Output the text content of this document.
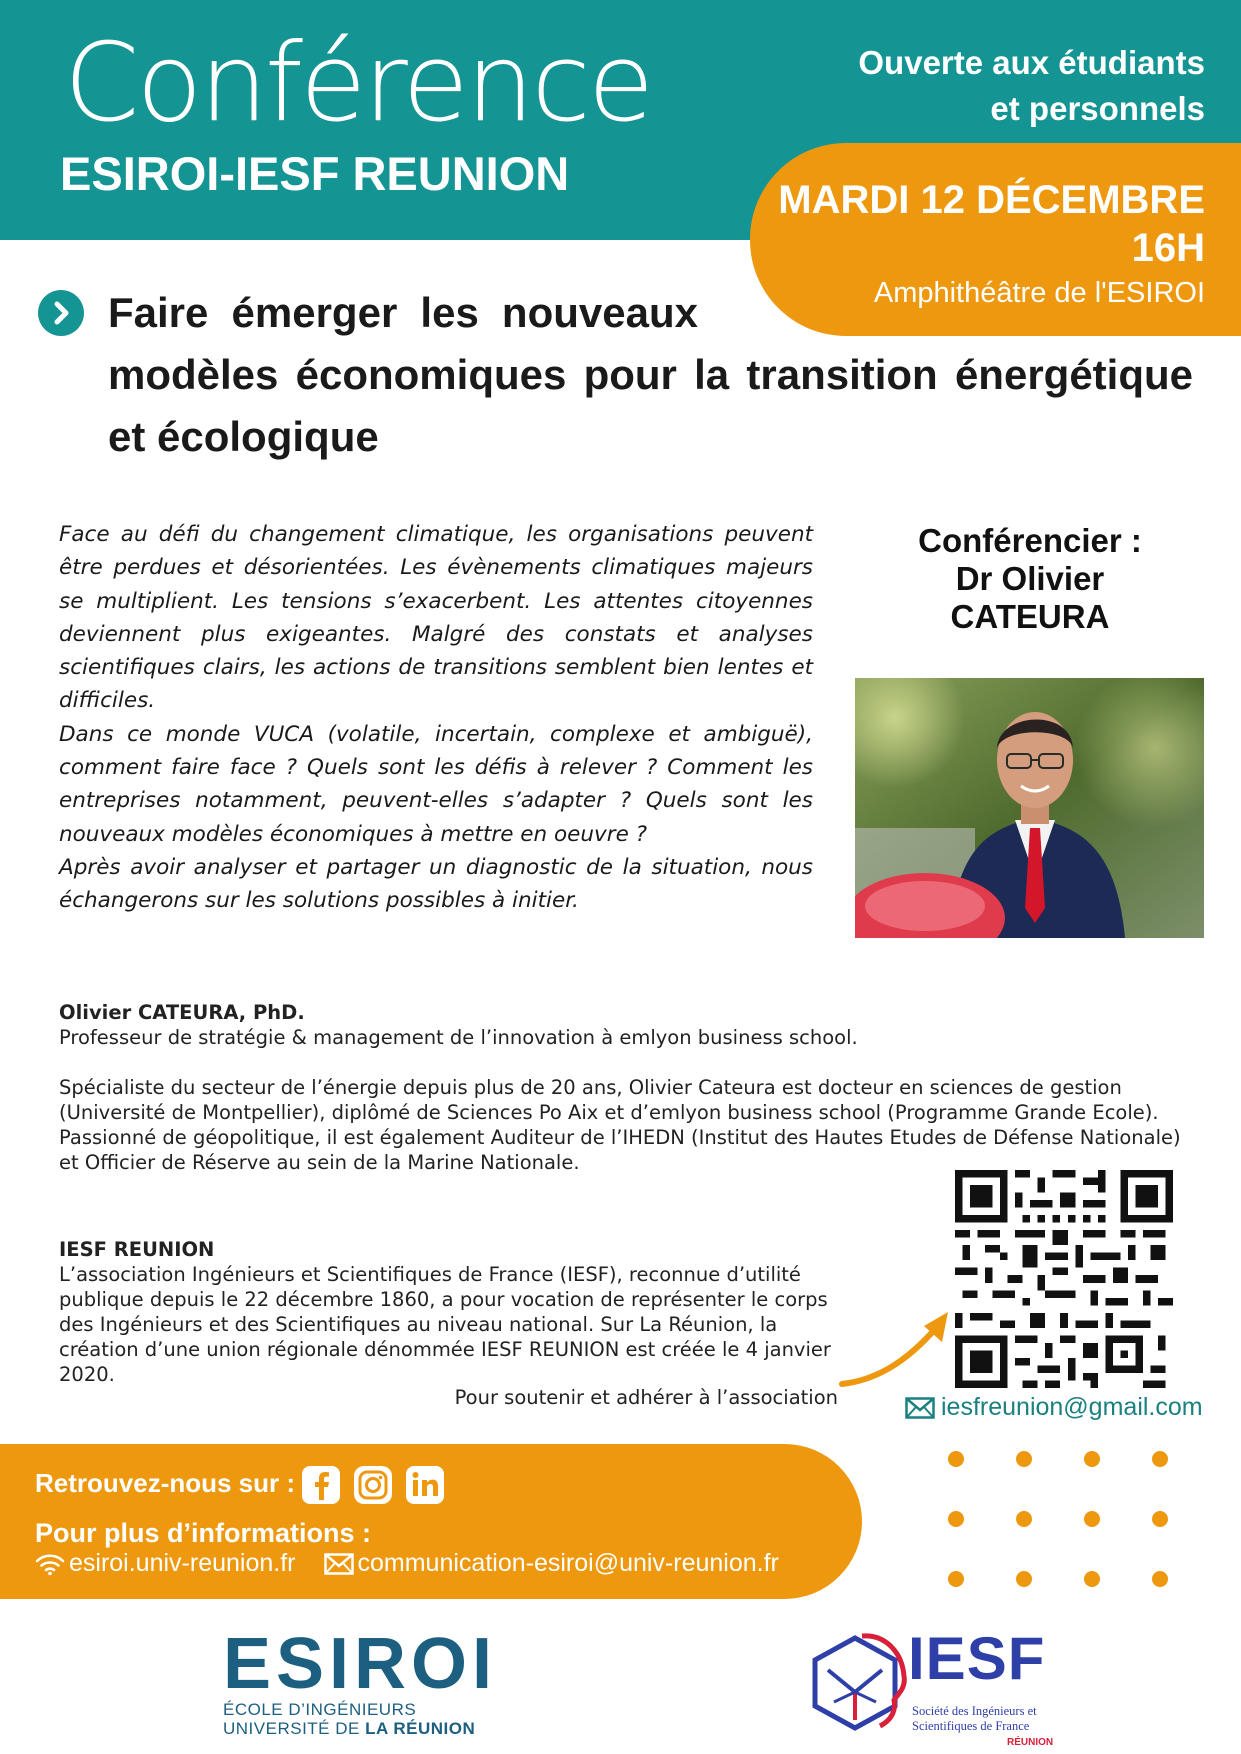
Conférence
ESIROI-IESF REUNION
Ouverte aux étudiants
et personnels
MARDI 12 DÉCEMBRE
16H
Amphithéâtre de l'ESIROI
Faire émerger les nouveaux
modèles économiques pour la transition énergétique et écologique

Face au défi du changement climatique, les organisations peuvent être perdues et désorientées. Les évènements climatiques majeurs se multiplient. Les tensions s’exacerbent. Les attentes citoyennes deviennent plus exigeantes. Malgré des constats et analyses scientifiques clairs, les actions de transitions semblent bien lentes et difficiles.

Dans ce monde VUCA (volatile, incertain, complexe et ambiguë), comment faire face ? Quels sont les défis à relever ? Comment les entreprises notamment, peuvent-elles s’adapter ? Quels sont les nouveaux modèles économiques à mettre en oeuvre ?

Après avoir analyser et partager un diagnostic de la situation, nous échangerons sur les solutions possibles à initier.

Conférencier :
Dr Olivier
CATEURA
Olivier CATEURA, PhD.
Professeur de stratégie & management de l’innovation à emlyon business school.
Spécialiste du secteur de l’énergie depuis plus de 20 ans, Olivier Cateura est docteur en sciences de gestion (Université de Montpellier), diplômé de Sciences Po Aix et d’emlyon business school (Programme Grande Ecole). Passionné de géopolitique, il est également Auditeur de l’IHEDN (Institut des Hautes Etudes de Défense Nationale) et Officier de Réserve au sein de la Marine Nationale.
IESF REUNION
L’association Ingénieurs et Scientifiques de France (IESF), reconnue d’utilité publique depuis le 22 décembre 1860, a pour vocation de représenter le corps des Ingénieurs et des Scientifiques au niveau national. Sur La Réunion, la création d’une union régionale dénommée IESF REUNION est créée le 4 janvier 2020.
Pour soutenir et adhérer à l’association	iesfreunion@gmail.com
Retrouvez-nous sur :
Pour plus d’informations :
esiroi.univ-reunion.fr communication-esiroi@univ-reunion.fr
ESIROI
ÉCOLE D’INGÉNIEURS
UNIVERSITÉ DE LA RÉUNION
IESF
Société des Ingénieurs et
Scientifiques de France
RÉUNION
